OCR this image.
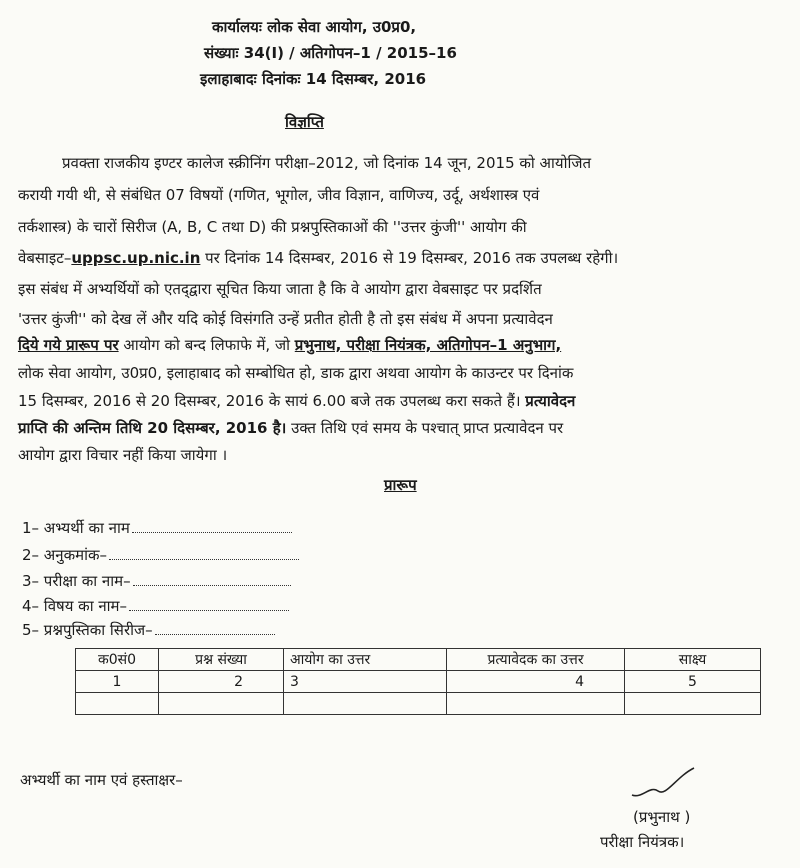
कार्यालयः लोक सेवा आयोग, उ0प्र0,
संख्याः 34(I) / अतिगोपन–1 / 2015–16
इलाहाबादः दिनांकः 14 दिसम्बर, 2016
विज्ञप्ति
प्रवक्ता राजकीय इण्टर कालेज स्क्रीनिंग परीक्षा–2012, जो दिनांक 14 जून, 2015 को आयोजित
करायी गयी थी, से संबंधित 07 विषयों (गणित, भूगोल, जीव विज्ञान, वाणिज्य, उर्दू, अर्थशास्त्र एवं
तर्कशास्त्र) के चारों सिरीज (A, B, C तथा D) की प्रश्नपुस्तिकाओं की ''उत्तर कुंजी'' आयोग की
वेबसाइट–uppsc.up.nic.in पर दिनांक 14 दिसम्बर, 2016 से 19 दिसम्बर, 2016 तक उपलब्ध रहेगी।
इस संबंध में अभ्यर्थियों को एतद्‌द्वारा सूचित किया जाता है कि वे आयोग द्वारा वेबसाइट पर प्रदर्शित
'उत्तर कुंजी'' को देख लें और यदि कोई विसंगति उन्हें प्रतीत होती है तो इस संबंध में अपना प्रत्यावेदन
दिये गये प्रारूप पर आयोग को बन्द लिफाफे में, जो प्रभुनाथ, परीक्षा नियंत्रक, अतिगोपन–1 अनुभाग,
लोक सेवा आयोग, उ0प्र0, इलाहाबाद को सम्बोधित हो, डाक द्वारा अथवा आयोग के काउन्टर पर दिनांक
15 दिसम्बर, 2016 से 20 दिसम्बर, 2016 के सायं 6.00 बजे तक उपलब्ध करा सकते हैं। प्रत्यावेदन
प्राप्ति की अन्तिम तिथि 20 दिसम्बर, 2016 है। उक्त तिथि एवं समय के पश्चात् प्राप्त प्रत्यावेदन पर
आयोग द्वारा विचार नहीं किया जायेगा ।
प्रारूप
1– अभ्यर्थी का नाम
2– अनुकमांक–
3– परीक्षा का नाम–
4– विषय का नाम–
5– प्रश्नपुस्तिका सिरीज–
क0सं0	प्रश्न संख्या	आयोग का उत्तर	प्रत्यावेदक का उत्तर	साक्ष्य
1	2	3	4	5

अभ्यर्थी का नाम एवं हस्ताक्षर–
(प्रभुनाथ )
परीक्षा नियंत्रक।
